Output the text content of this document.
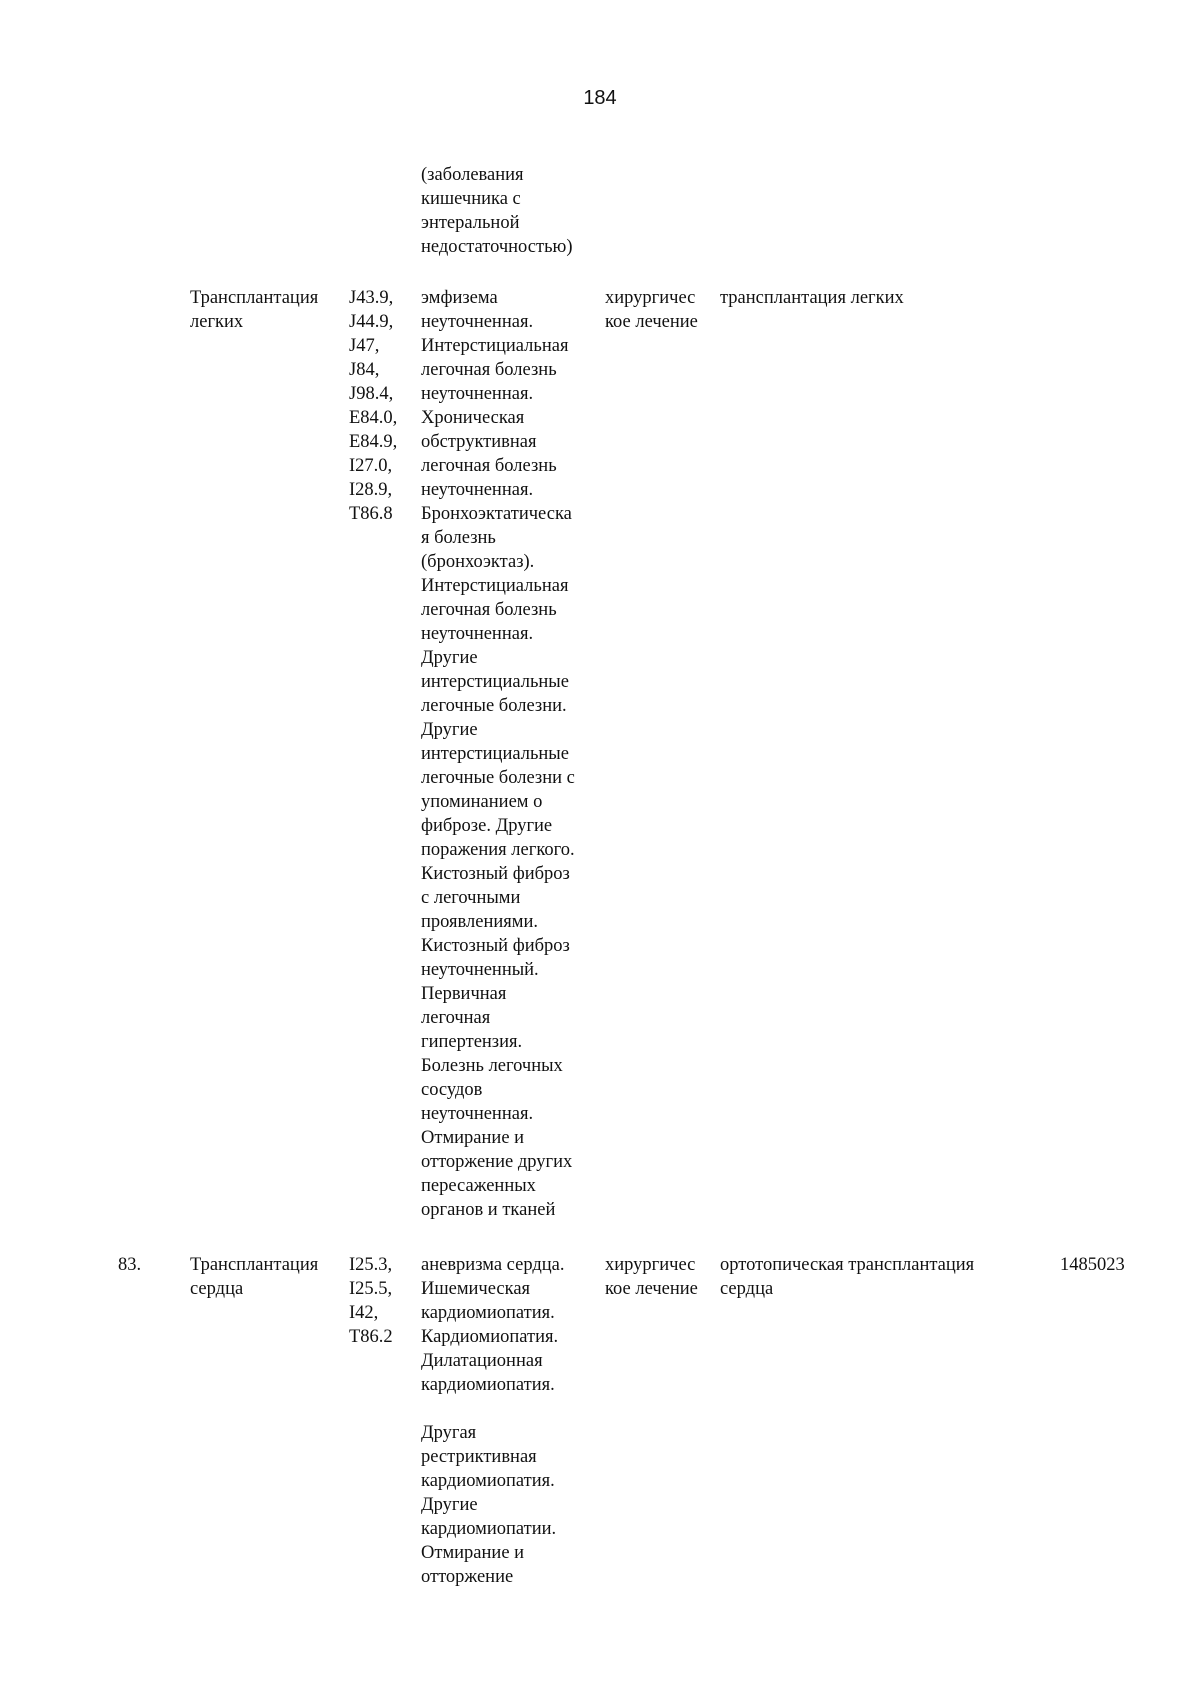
184
(заболевания
кишечника с
энтеральной
недостаточностью)
Трансплантация
легких
J43.9,
J44.9,
J47,
J84,
J98.4,
E84.0,
E84.9,
I27.0,
I28.9,
T86.8
эмфизема
неуточненная.
Интерстициальная
легочная болезнь
неуточненная.
Хроническая
обструктивная
легочная болезнь
неуточненная.
Бронхоэктатическа
я болезнь
(бронхоэктаз).
Интерстициальная
легочная болезнь
неуточненная.
Другие
интерстициальные
легочные болезни.
Другие
интерстициальные
легочные болезни с
упоминанием о
фиброзе. Другие
поражения легкого.
Кистозный фиброз
с легочными
проявлениями.
Кистозный фиброз
неуточненный.
Первичная
легочная
гипертензия.
Болезнь легочных
сосудов
неуточненная.
Отмирание и
отторжение других
пересаженных
органов и тканей
хирургичес
кое лечение
трансплантация легких
83.	Трансплантация
сердца
I25.3,
I25.5,
I42,
T86.2
аневризма сердца.
Ишемическая
кардиомиопатия.
Кардиомиопатия.
Дилатационная
кардиомиопатия.

Другая
рестриктивная
кардиомиопатия.
Другие
кардиомиопатии.
Отмирание и
отторжение
хирургичес
кое лечение
ортотопическая трансплантация
сердца
1485023
